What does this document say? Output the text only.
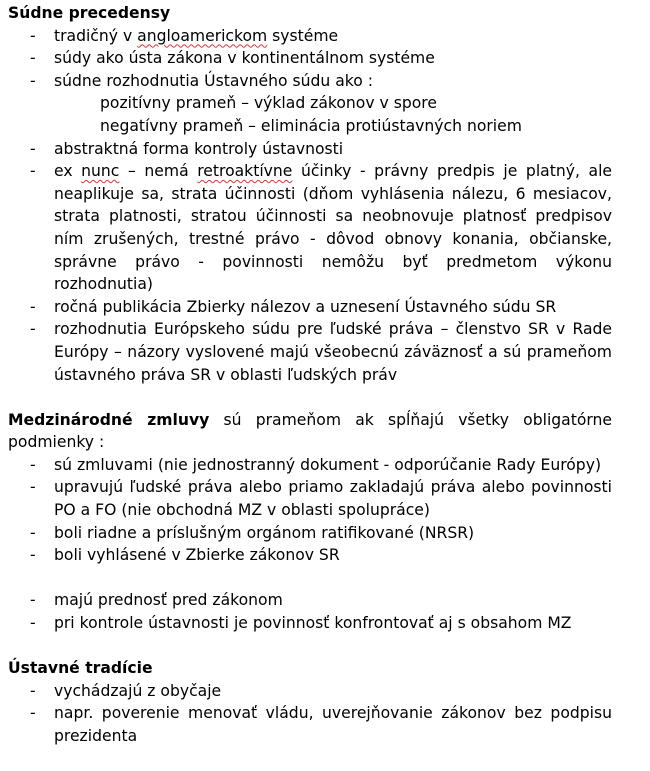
Súdne precedensy

- tradičný v angloamerickom systéme
- súdy ako ústa zákona v kontinentálnom systéme
- súdne rozhodnutia Ústavného súdu ako :
pozitívny prameň – výklad zákonov v spore
negatívny prameň – eliminácia protiústavných noriem
- abstraktná forma kontroly ústavnosti
- ex nunc – nemá retroaktívne účinky - právny predpis je platný, ale neaplikuje sa, strata účinnosti (dňom vyhlásenia nálezu, 6 mesiacov, strata platnosti, stratou účinnosti sa neobnovuje platnosť predpisov ním zrušených, trestné právo - dôvod obnovy konania, občianske, správne právo - povinnosti nemôžu byť predmetom výkonu rozhodnutia)
- ročná publikácia Zbierky nálezov a uznesení Ústavného súdu SR
- rozhodnutia Európskeho súdu pre ľudské práva – členstvo SR v Rade Európy – názory vyslovené majú všeobecnú záväznosť a sú prameňom ústavného práva SR v oblasti ľudských práv

Medzinárodné zmluvy sú prameňom ak spĺňajú všetky obligatórne podmienky :

- sú zmluvami (nie jednostranný dokument - odporúčanie Rady Európy)
- upravujú ľudské práva alebo priamo zakladajú práva alebo povinnosti PO a FO (nie obchodná MZ v oblasti spolupráce)
- boli riadne a príslušným orgánom ratifikované (NRSR)
- boli vyhlásené v Zbierke zákonov SR
- majú prednosť pred zákonom
- pri kontrole ústavnosti je povinnosť konfrontovať aj s obsahom MZ

Ústavné tradície

- vychádzajú z obyčaje
- napr. poverenie menovať vládu, uverejňovanie zákonov bez podpisu prezidenta
